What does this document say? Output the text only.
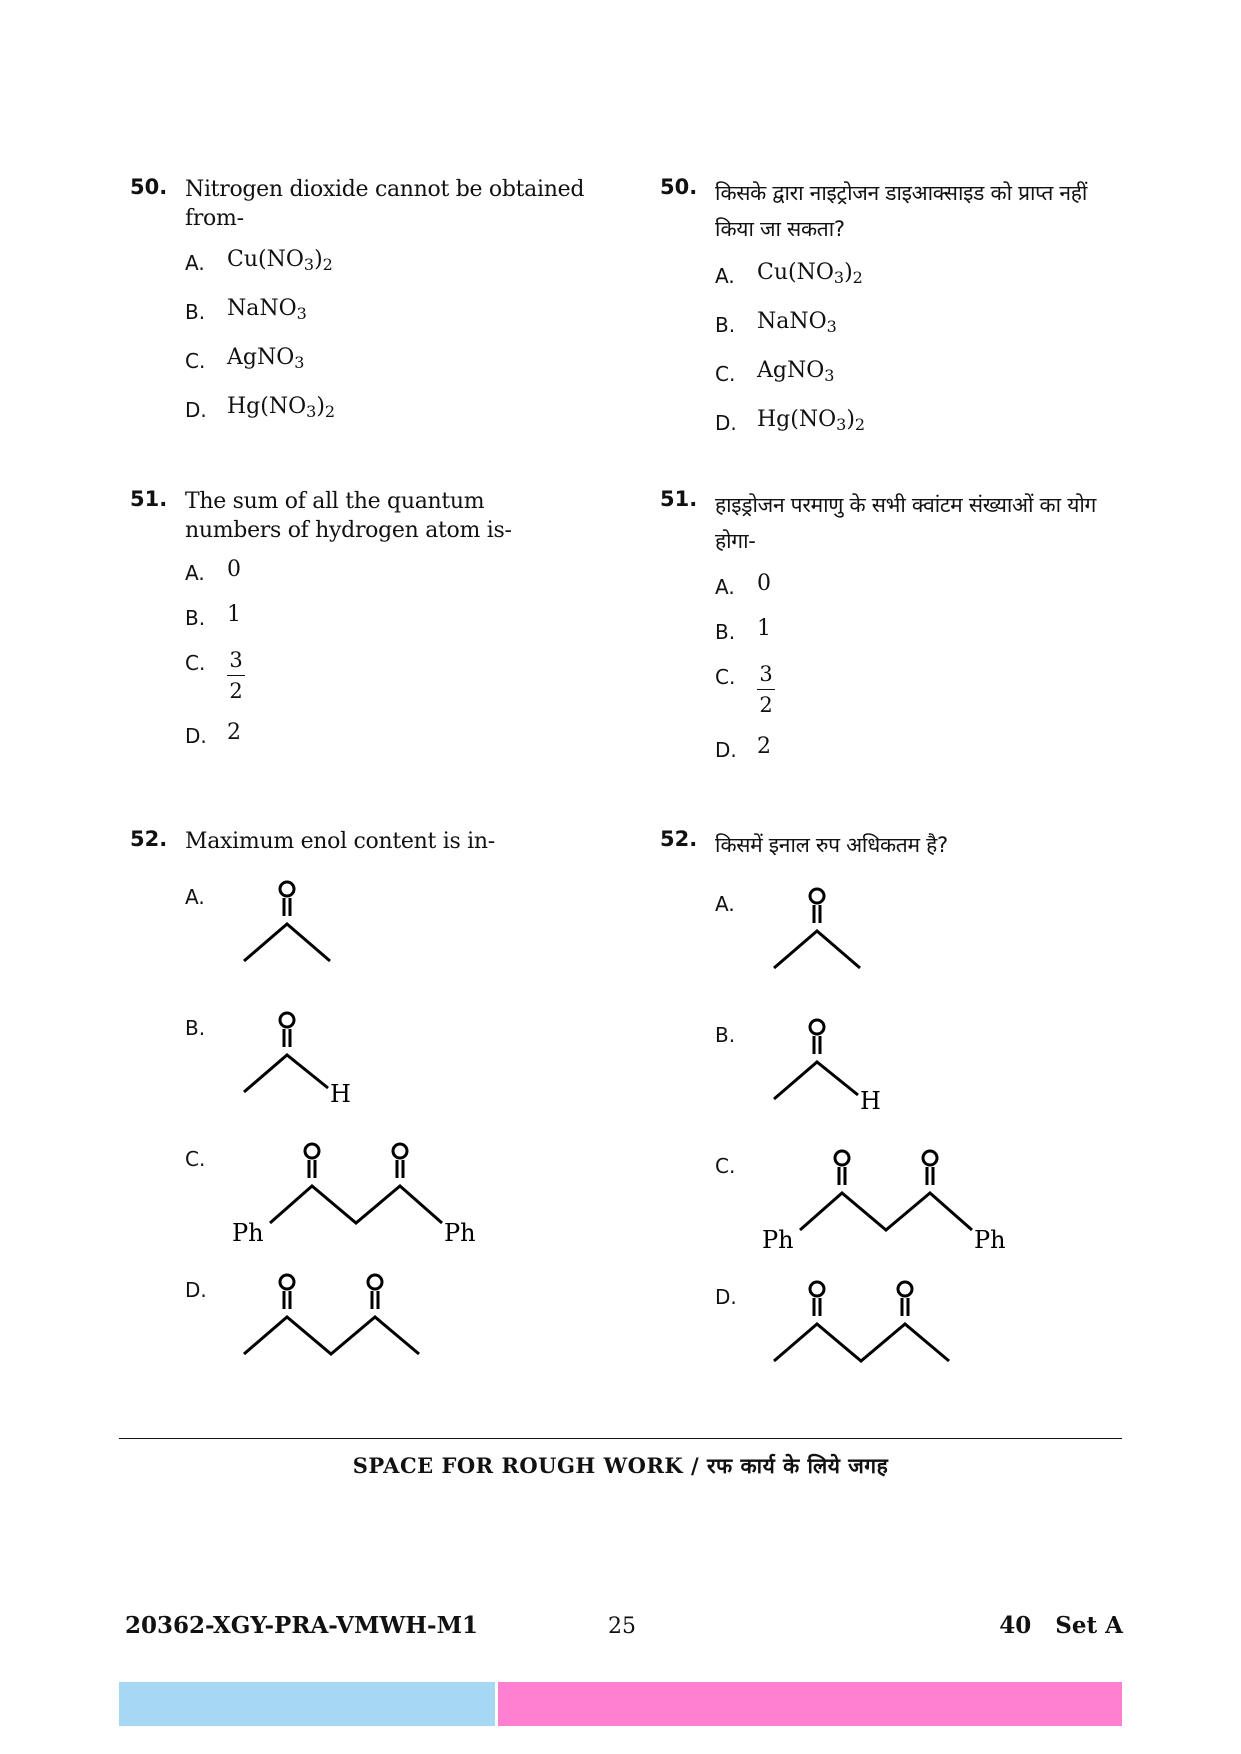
50. Nitrogen dioxide cannot be obtained from-
A.	$Cu(NO_3)_2$
B. NaNO$_3$
C. AgNO$_3$
D. $Hg(NO_3)_2$
51. The sum of all the quantum numbers of hydrogen atom is-
A.	0
B. 1
C.	$\frac{3}{2}$
D. 2
52. Maximum enol content is in-
A.
B.
C.
D.
50. किसके द्वारा नाइट्रोजन डाइआक्साइड को प्राप्त नहीं किया जा सकता?
A.	$Cu(NO_3)_2$
B. NaNO$_3$
C. AgNO$_3$
D. $Hg(NO_3)_2$
51. हाइड्रोजन परमाणु के सभी क्वांटम संख्याओं का योग होगा-
A.	0
B. 1
C.	$\frac{3}{2}$
D. 2
52. किसमें इनाल रुप अधिकतम है?
A.
B.
C.
D.
H
Ph	Ph
H
Ph	Ph
SPACE FOR ROUGH WORK / रफ कार्य के लिये जगह
20362-XGY-PRA-VMWH-M1	25	40   Set A
